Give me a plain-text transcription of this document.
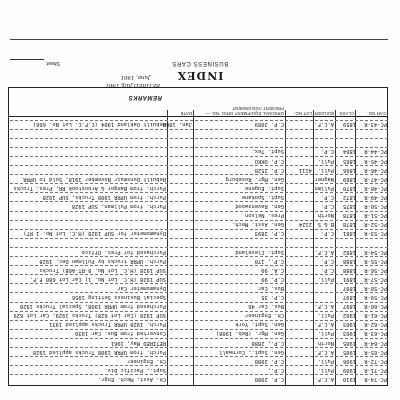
PC-74-R
1910
A.C.F.
C.P. 2080
Ch. Asst. Mech. Engr.
PC-71-R
1909
Pull.
C.P.,
Supt., Pacific Div.
PC-72-R
1906
Pull.
C.P. 2080
Ch. Engineer
PC-65-R
1905
A.C.F.
Gen. Supt., Cornwall
Purch. from UPRR 1908 Trucks applied 1928
PC-64-R
1905
North
C.P., 2880
RETIRED May, 1961
PC-63-R
1903
Pull.
Gen. Mgr. (Reb. 1908)
Converted from Bus. Car 1930
PC-62-R
1903
A.C.F.
Gen. Supt. York
Purch. 1928 UPRR Trucks applied 1931
PC-61-R
1902
Pull.
Ch. Engineer
SUP 1928 (Car Lot 628) Trucks 1929, Car Lot 629
PC-60-R
1897
A.C.F.
Bus. Car 46
Purchased from UPRR 1908, Special Trucks 1928
PC-59-R
1897
C.P. 35
Special Business Setting 1956
PC-58-R
1897
Bus. Car
Dynamometer Car
PC-57-R
1891
Pull.
C.P. 99
SUP 1928 (H.C. Lot No. 1) Car Lot 680 F.F.
PC-56-R
1888
C.P.
C.A. 99
SUP 1928 (H.C. Lot No. 8-RT-A6B) Trucks
PC-55-R
1888
C.P.
C.P., 170
Purch. UPRR trucks by Pullman Dec. 1928
PC-54-R
1882
A.C.F.
Supt. Cleveland
Purchased for Pres. Office
PC-53-R
1881
C.P.
C.P. 2893
Dynamometer for SUP 1928 (H.C. Lot No. 1 RT)
PC-52-R
1878
B & S
2124
Gen. Asst. Mech.
PC-51-R
1878
North
Pres. Nelson
PC-50-R
1875
C.P.
Gen. Ravenswood
Purch. from Pullman, SUP 1928
PC-49-R
1872
C.P.
Supt. Spokane
Purch. from UPRR 1908 Trucks, SUP 1928
PC-48-R
1870
Pullmn
Supt. Eugene
Purch. from Bangor & Aroostook RR, Pres. Trucks
PC-47-R
1869
Wagner
Gen. Mgr. Roseburg
Rebuilt Dunsmuir November 1918, Sold to UPRR
PC-46-R
1866
Pull.
4111
C.P. 2520
PC-45-R
1865
Pull.
C.P. OKKO
PC-44-R
1864
C.P.
Supt. Tex.
PC-43-R
1859
A.C.F.
C.P. 2089
Jan. 1860
Rebuilt Oakland 1904 (C.F.C. Lot No. 666)
CAR NO.
CLASS
BUILDER
LOT NO.
ORIGINAL EQUIPMENT ORIG. NO. — PRESENT ASSIGNMENT
DATE
REMARKS
RETIRED July, 1961
June, 1961	INDEX
BUSINESS CARS
Sheet
